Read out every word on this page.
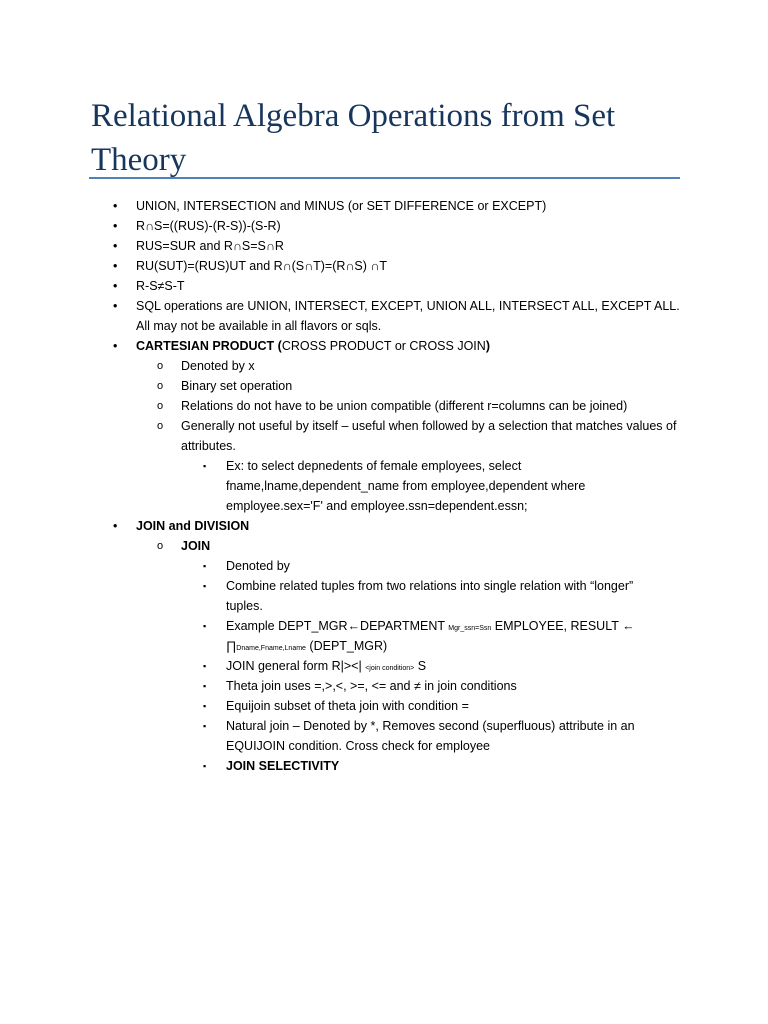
Relational Algebra Operations from Set Theory
• UNION, INTERSECTION and MINUS (or SET DIFFERENCE or EXCEPT)
• R∩S=((RUS)-(R-S))-(S-R)
• RUS=SUR and R∩S=S∩R
• RU(SUT)=(RUS)UT and R∩(S∩T)=(R∩S) ∩T
• R-S≠S-T
• SQL operations are UNION, INTERSECT, EXCEPT, UNION ALL, INTERSECT ALL, EXCEPT ALL. All may not be available in all flavors or sqls.
• CARTESIAN PRODUCT (CROSS PRODUCT or CROSS JOIN)
o Denoted by x
o Binary set operation
o Relations do not have to be union compatible (different r=columns can be joined)
o Generally not useful by itself – useful when followed by a selection that matches values of attributes.
▪ Ex: to select depnedents of female employees, select fname,lname,dependent_name from employee,dependent where employee.sex='F' and employee.ssn=dependent.essn;
• JOIN and DIVISION
o JOIN
▪ Denoted by
▪ Combine related tuples from two relations into single relation with “longer” tuples.
▪ Example DEPT_MGR←DEPARTMENT Mgr_ssn=Ssn EMPLOYEE, RESULT ← ∏Dname,Fname,Lname (DEPT_MGR)
▪ JOIN general form R|><| <join condition> S
▪ Theta join uses =,>,<, >=, <= and ≠ in join conditions
▪ Equijoin subset of theta join with condition =
▪ Natural join – Denoted by *, Removes second (superfluous) attribute in an EQUIJOIN condition. Cross check for employee
▪ JOIN SELECTIVITY
